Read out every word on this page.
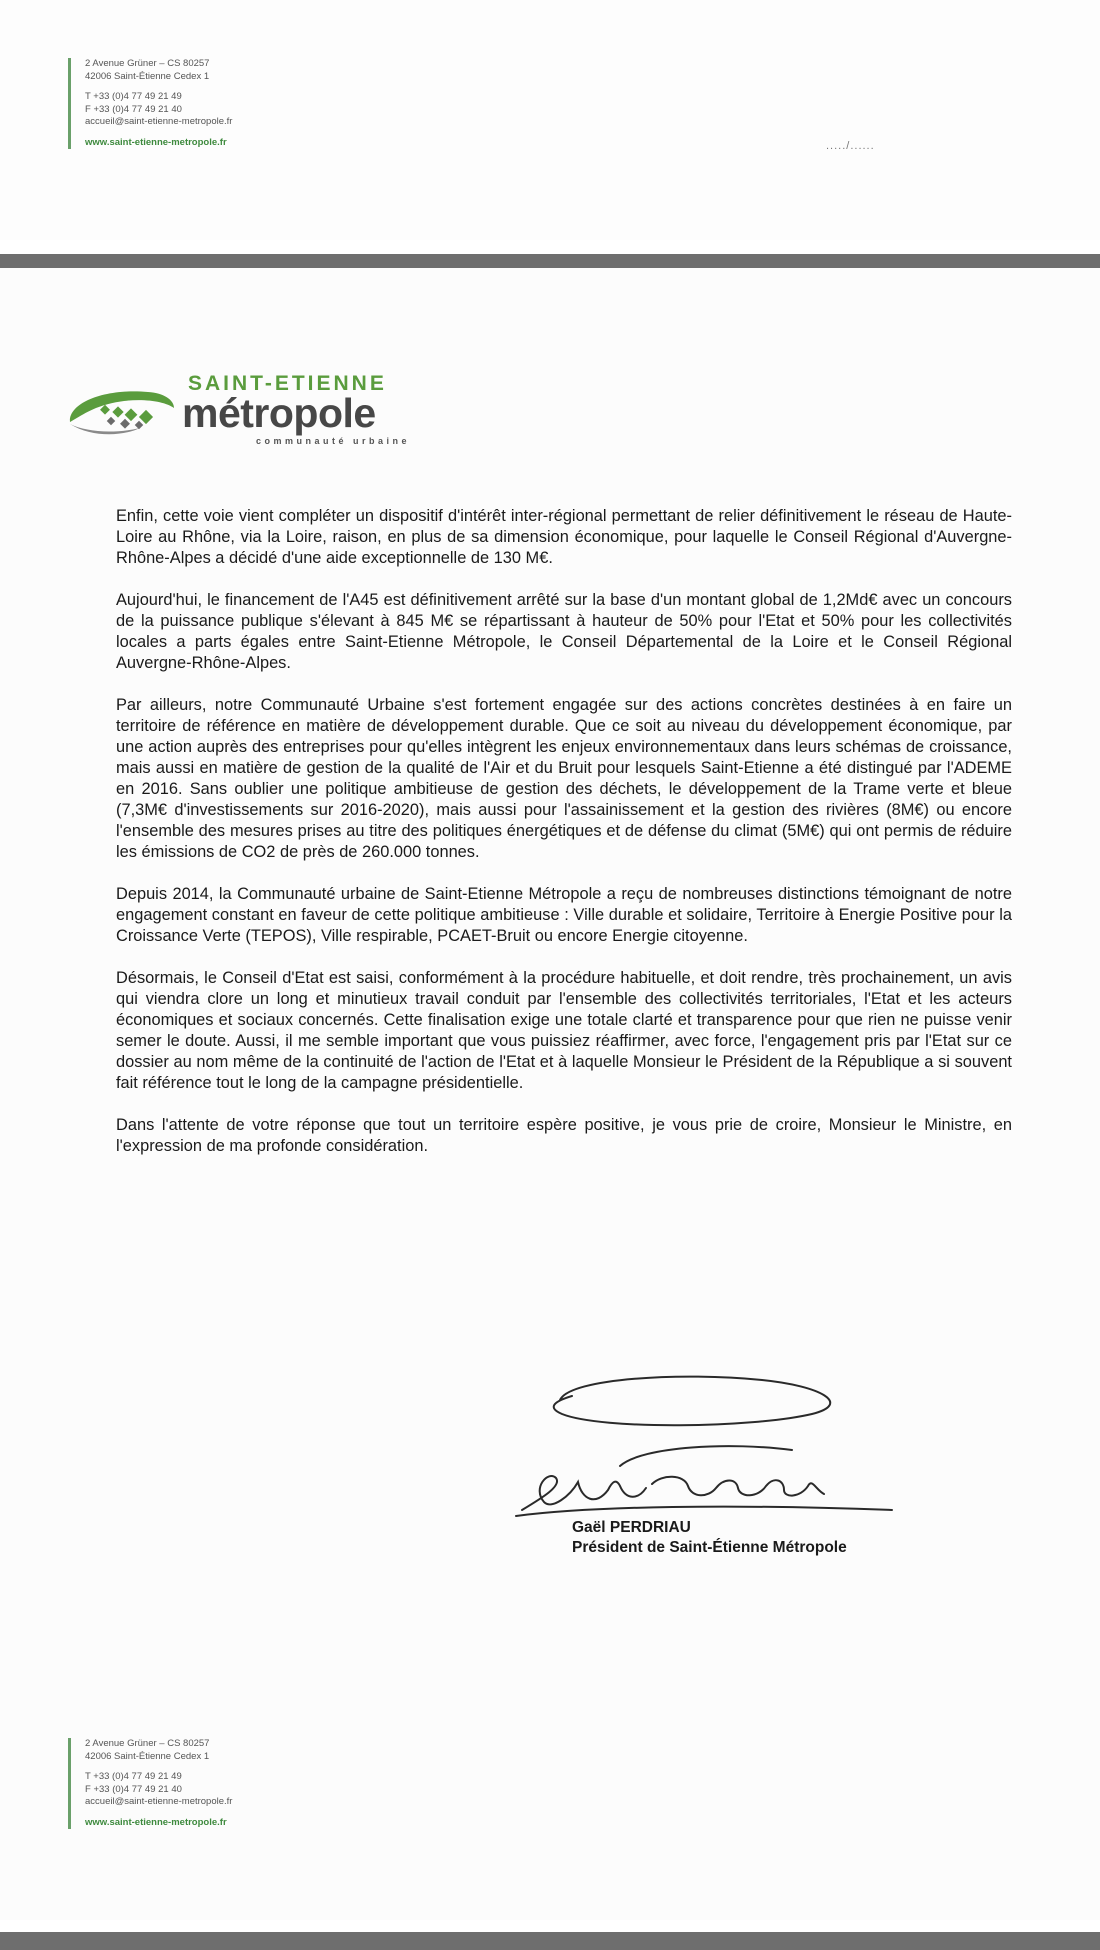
2 Avenue Grüner – CS 80257
42006 Saint-Étienne Cedex 1
T +33 (0)4 77 49 21 49
F +33 (0)4 77 49 21 40
accueil@saint-etienne-metropole.fr
www.saint-etienne-metropole.fr	...../......
SAINT-ETIENNE
métropole
communauté urbaine

Enfin, cette voie vient compléter un dispositif d'intérêt inter-régional permettant de relier définitivement le réseau de Haute-Loire au Rhône, via la Loire, raison, en plus de sa dimension économique, pour laquelle le Conseil Régional d'Auvergne-Rhône-Alpes a décidé d'une aide exceptionnelle de 130 M€.

Aujourd'hui, le financement de l'A45 est définitivement arrêté sur la base d'un montant global de 1,2Md€ avec un concours de la puissance publique s'élevant à 845 M€ se répartissant à hauteur de 50% pour l'Etat et 50% pour les collectivités locales a parts égales entre Saint-Etienne Métropole, le Conseil Départemental de la Loire et le Conseil Régional Auvergne-Rhône-Alpes.

Par ailleurs, notre Communauté Urbaine s'est fortement engagée sur des actions concrètes destinées à en faire un territoire de référence en matière de développement durable. Que ce soit au niveau du développement économique, par une action auprès des entreprises pour qu'elles intègrent les enjeux environnementaux dans leurs schémas de croissance, mais aussi en matière de gestion de la qualité de l'Air et du Bruit pour lesquels Saint-Etienne a été distingué par l'ADEME en 2016. Sans oublier une politique ambitieuse de gestion des déchets, le développement de la Trame verte et bleue (7,3M€ d'investissements sur 2016-2020), mais aussi pour l'assainissement et la gestion des rivières (8M€) ou encore l'ensemble des mesures prises au titre des politiques énergétiques et de défense du climat (5M€) qui ont permis de réduire les émissions de CO2 de près de 260.000 tonnes.

Depuis 2014, la Communauté urbaine de Saint-Etienne Métropole a reçu de nombreuses distinctions témoignant de notre engagement constant en faveur de cette politique ambitieuse : Ville durable et solidaire, Territoire à Energie Positive pour la Croissance Verte (TEPOS), Ville respirable, PCAET-Bruit ou encore Energie citoyenne.

Désormais, le Conseil d'Etat est saisi, conformément à la procédure habituelle, et doit rendre, très prochainement, un avis qui viendra clore un long et minutieux travail conduit par l'ensemble des collectivités territoriales, l'Etat et les acteurs économiques et sociaux concernés. Cette finalisation exige une totale clarté et transparence pour que rien ne puisse venir semer le doute. Aussi, il me semble important que vous puissiez réaffirmer, avec force, l'engagement pris par l'Etat sur ce dossier au nom même de la continuité de l'action de l'Etat et à laquelle Monsieur le Président de la République a si souvent fait référence tout le long de la campagne présidentielle.

Dans l'attente de votre réponse que tout un territoire espère positive, je vous prie de croire, Monsieur le Ministre, en l'expression de ma profonde considération.

Gaël PERDRIAU
Président de Saint-Étienne Métropole
2 Avenue Grüner – CS 80257
42006 Saint-Étienne Cedex 1
T +33 (0)4 77 49 21 49
F +33 (0)4 77 49 21 40
accueil@saint-etienne-metropole.fr
www.saint-etienne-metropole.fr
